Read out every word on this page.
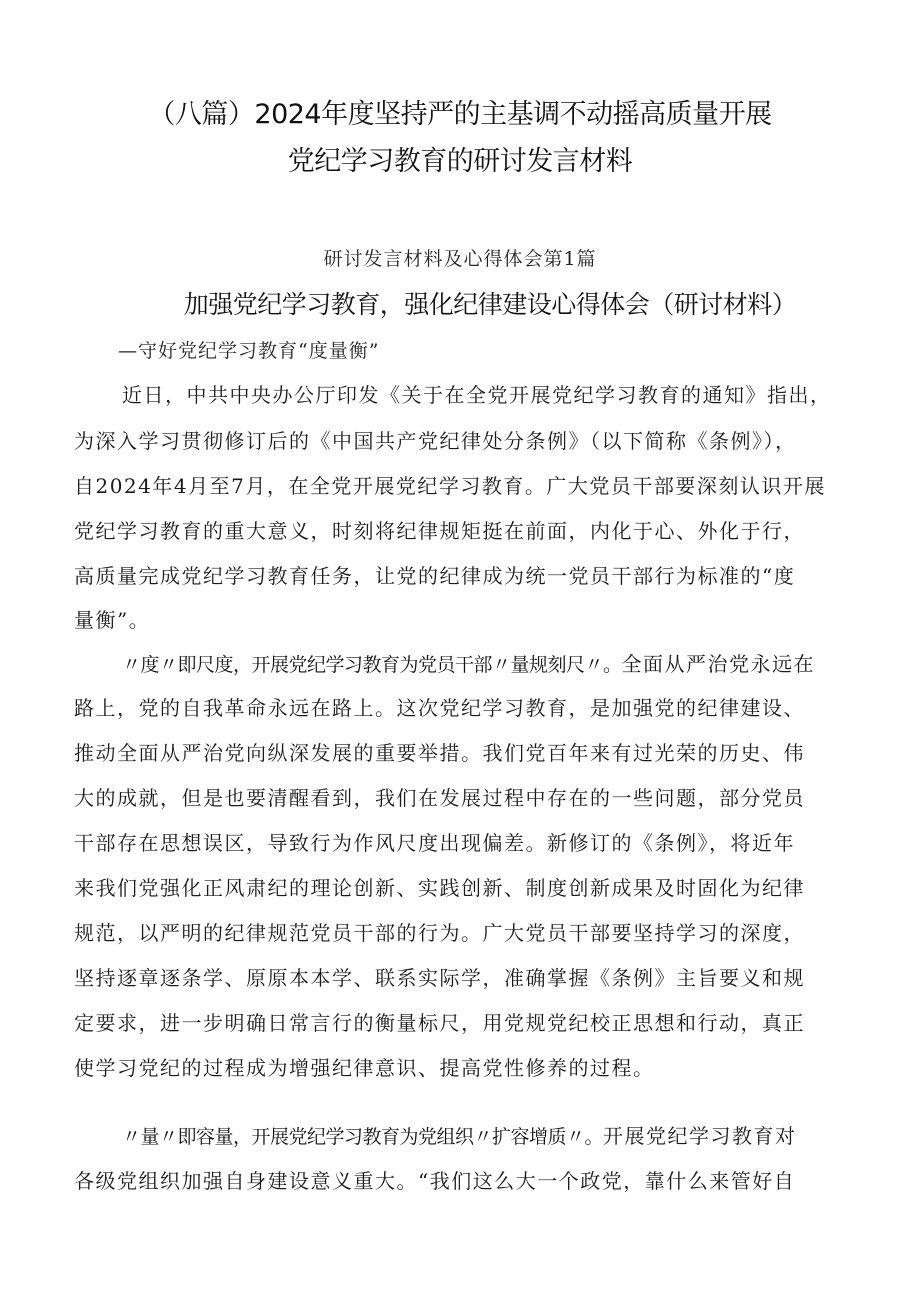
（八篇）2024年度坚持严的主基调不动摇高质量开展
党纪学习教育的研讨发言材料
研讨发言材料及心得体会第1篇
加强党纪学习教育，强化纪律建设心得体会（研讨材料）
—守好党纪学习教育“度量衡”
近日，中共中央办公厅印发《关于在全党开展党纪学习教育的通知》指出，
为深入学习贯彻修订后的《中国共产党纪律处分条例》（以下简称《条例》），
自2024年4月至7月，在全党开展党纪学习教育。广大党员干部要深刻认识开展
党纪学习教育的重大意义，时刻将纪律规矩挺在前面，内化于心、外化于行，
高质量完成党纪学习教育任务，让党的纪律成为统一党员干部行为标准的“度
量衡”。
〃度〃即尺度，开展党纪学习教育为党员干部〃量规刻尺〃。全面从严治党永远在
路上，党的自我革命永远在路上。这次党纪学习教育，是加强党的纪律建设、
推动全面从严治党向纵深发展的重要举措。我们党百年来有过光荣的历史、伟
大的成就，但是也要清醒看到，我们在发展过程中存在的一些问题，部分党员
干部存在思想误区，导致行为作风尺度出现偏差。新修订的《条例》，将近年
来我们党强化正风肃纪的理论创新、实践创新、制度创新成果及时固化为纪律
规范，以严明的纪律规范党员干部的行为。广大党员干部要坚持学习的深度，
坚持逐章逐条学、原原本本学、联系实际学，准确掌握《条例》主旨要义和规
定要求，进一步明确日常言行的衡量标尺，用党规党纪校正思想和行动，真正
使学习党纪的过程成为增强纪律意识、提高党性修养的过程。
〃量〃即容量，开展党纪学习教育为党组织〃扩容增质〃。开展党纪学习教育对
各级党组织加强自身建设意义重大。“我们这么大一个政党，靠什么来管好自
